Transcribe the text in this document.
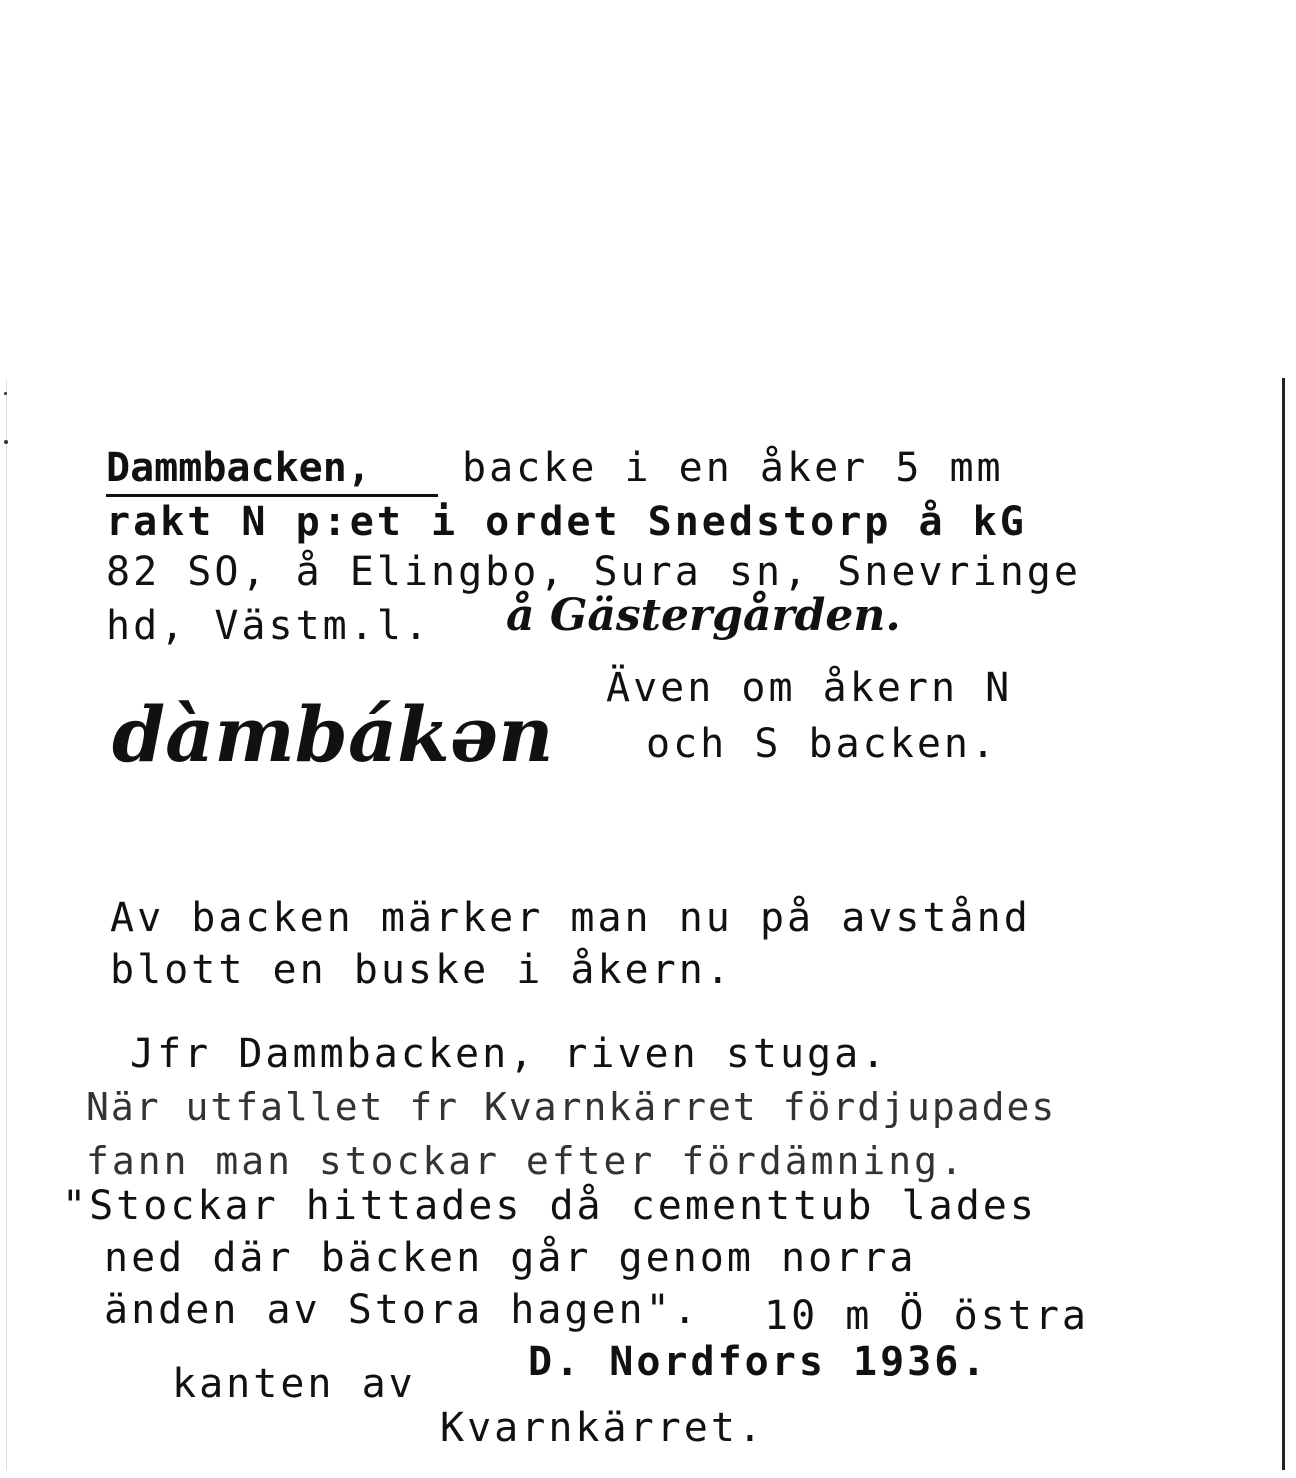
Dammbacken, backe i en åker 5 mm
rakt N p:et i ordet Snedstorp å kG
82 SO, å Elingbo, Sura sn, Snevringe
hd, Västm.l. å Gästergården.
Även om åkern N
dàmbákən och S backen.
Av backen märker man nu på avstånd
blott en buske i åkern.
Jfr Dammbacken, riven stuga.
När utfallet fr Kvarnkärret fördjupades
fann man stockar efter fördämning.
"Stockar hittades då cementtub lades
ned där bäcken går genom norra
änden av Stora hagen". 10 m Ö östra
kanten av	D. Nordfors 1936.
Kvarnkärret.
